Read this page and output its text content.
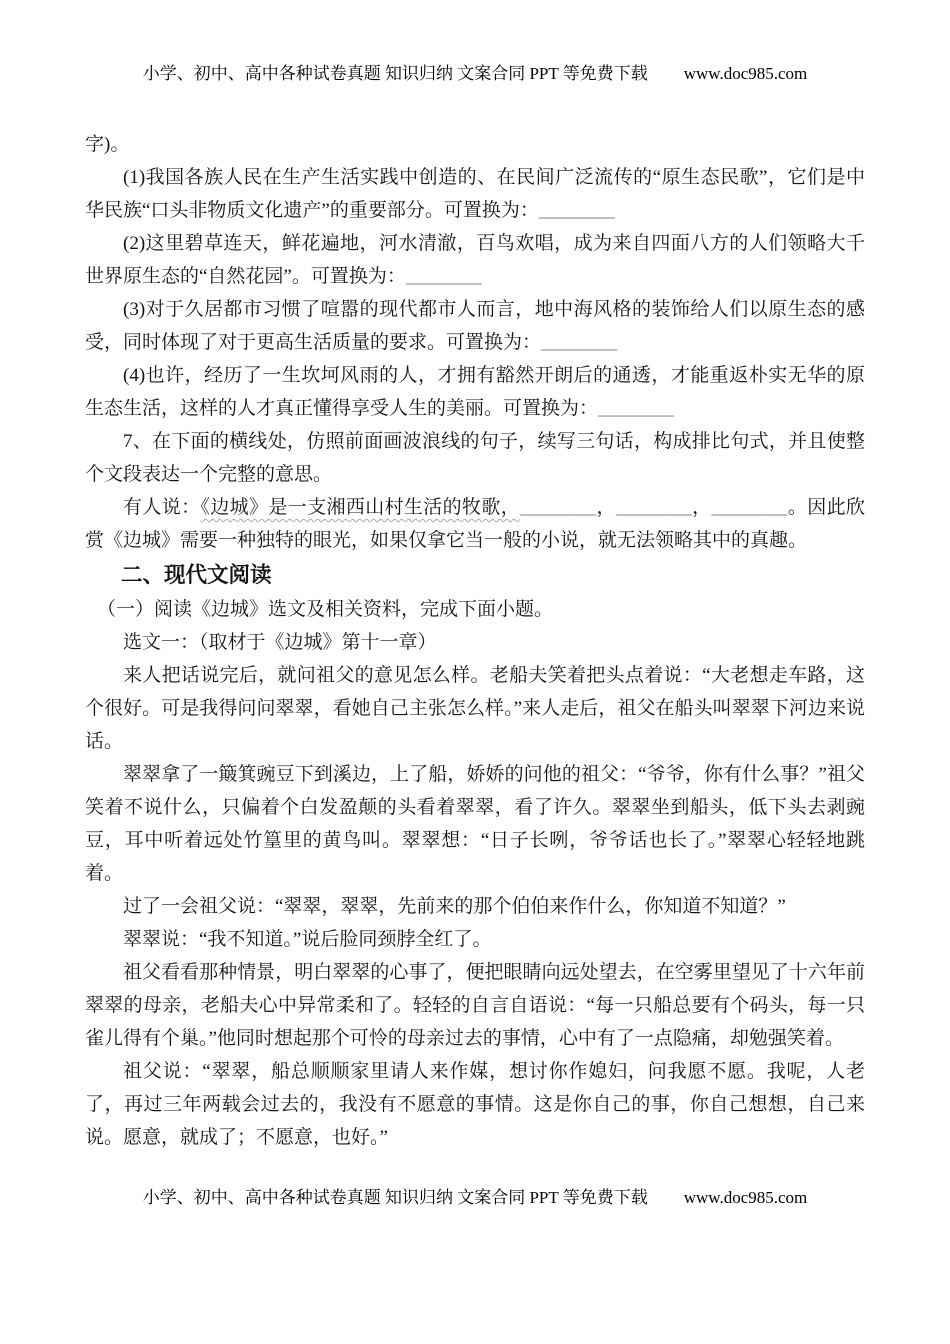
小学、初中、高中各种试卷真题 知识归纳 文案合同 PPT 等免费下载 www.doc985.com

字)。

(1)我国各族人民在生产生活实践中创造的、在民间广泛流传的“原生态民歌”，它们是中华民族“口头非物质文化遗产”的重要部分。可置换为：________

(2)这里碧草连天，鲜花遍地，河水清澈，百鸟欢唱，成为来自四面八方的人们领略大千世界原生态的“自然花园”。可置换为：________

(3)对于久居都市习惯了喧嚣的现代都市人而言，地中海风格的装饰给人们以原生态的感受，同时体现了对于更高生活质量的要求。可置换为：________

(4)也许，经历了一生坎坷风雨的人，才拥有豁然开朗后的通透，才能重返朴实无华的原生态生活，这样的人才真正懂得享受人生的美丽。可置换为：________

7、在下面的横线处，仿照前面画波浪线的句子，续写三句话，构成排比句式，并且使整个文段表达一个完整的意思。

有人说：《边城》是一支湘西山村生活的牧歌，________，________，________。因此欣赏《边城》需要一种独特的眼光，如果仅拿它当一般的小说，就无法领略其中的真趣。

二、现代文阅读

（一）阅读《边城》选文及相关资料，完成下面小题。

选文一：（取材于《边城》第十一章）

来人把话说完后，就问祖父的意见怎么样。老船夫笑着把头点着说：“大老想走车路，这个很好。可是我得问问翠翠，看她自己主张怎么样。”来人走后，祖父在船头叫翠翠下河边来说话。

翠翠拿了一簸箕豌豆下到溪边，上了船，娇娇的问他的祖父：“爷爷，你有什么事？”祖父笑着不说什么，只偏着个白发盈颠的头看着翠翠，看了许久。翠翠坐到船头，低下头去剥豌豆，耳中听着远处竹篁里的黄鸟叫。翠翠想：“日子长咧，爷爷话也长了。”翠翠心轻轻地跳着。

过了一会祖父说：“翠翠，翠翠，先前来的那个伯伯来作什么，你知道不知道？”

翠翠说：“我不知道。”说后脸同颈脖全红了。

祖父看看那种情景，明白翠翠的心事了，便把眼睛向远处望去，在空雾里望见了十六年前翠翠的母亲，老船夫心中异常柔和了。轻轻的自言自语说：“每一只船总要有个码头，每一只雀儿得有个巢。”他同时想起那个可怜的母亲过去的事情，心中有了一点隐痛，却勉强笑着。

祖父说：“翠翠，船总顺顺家里请人来作媒，想讨你作媳妇，问我愿不愿。我呢，人老了，再过三年两载会过去的，我没有不愿意的事情。这是你自己的事，你自己想想，自己来说。愿意，就成了；不愿意，也好。”

小学、初中、高中各种试卷真题 知识归纳 文案合同 PPT 等免费下载 www.doc985.com
